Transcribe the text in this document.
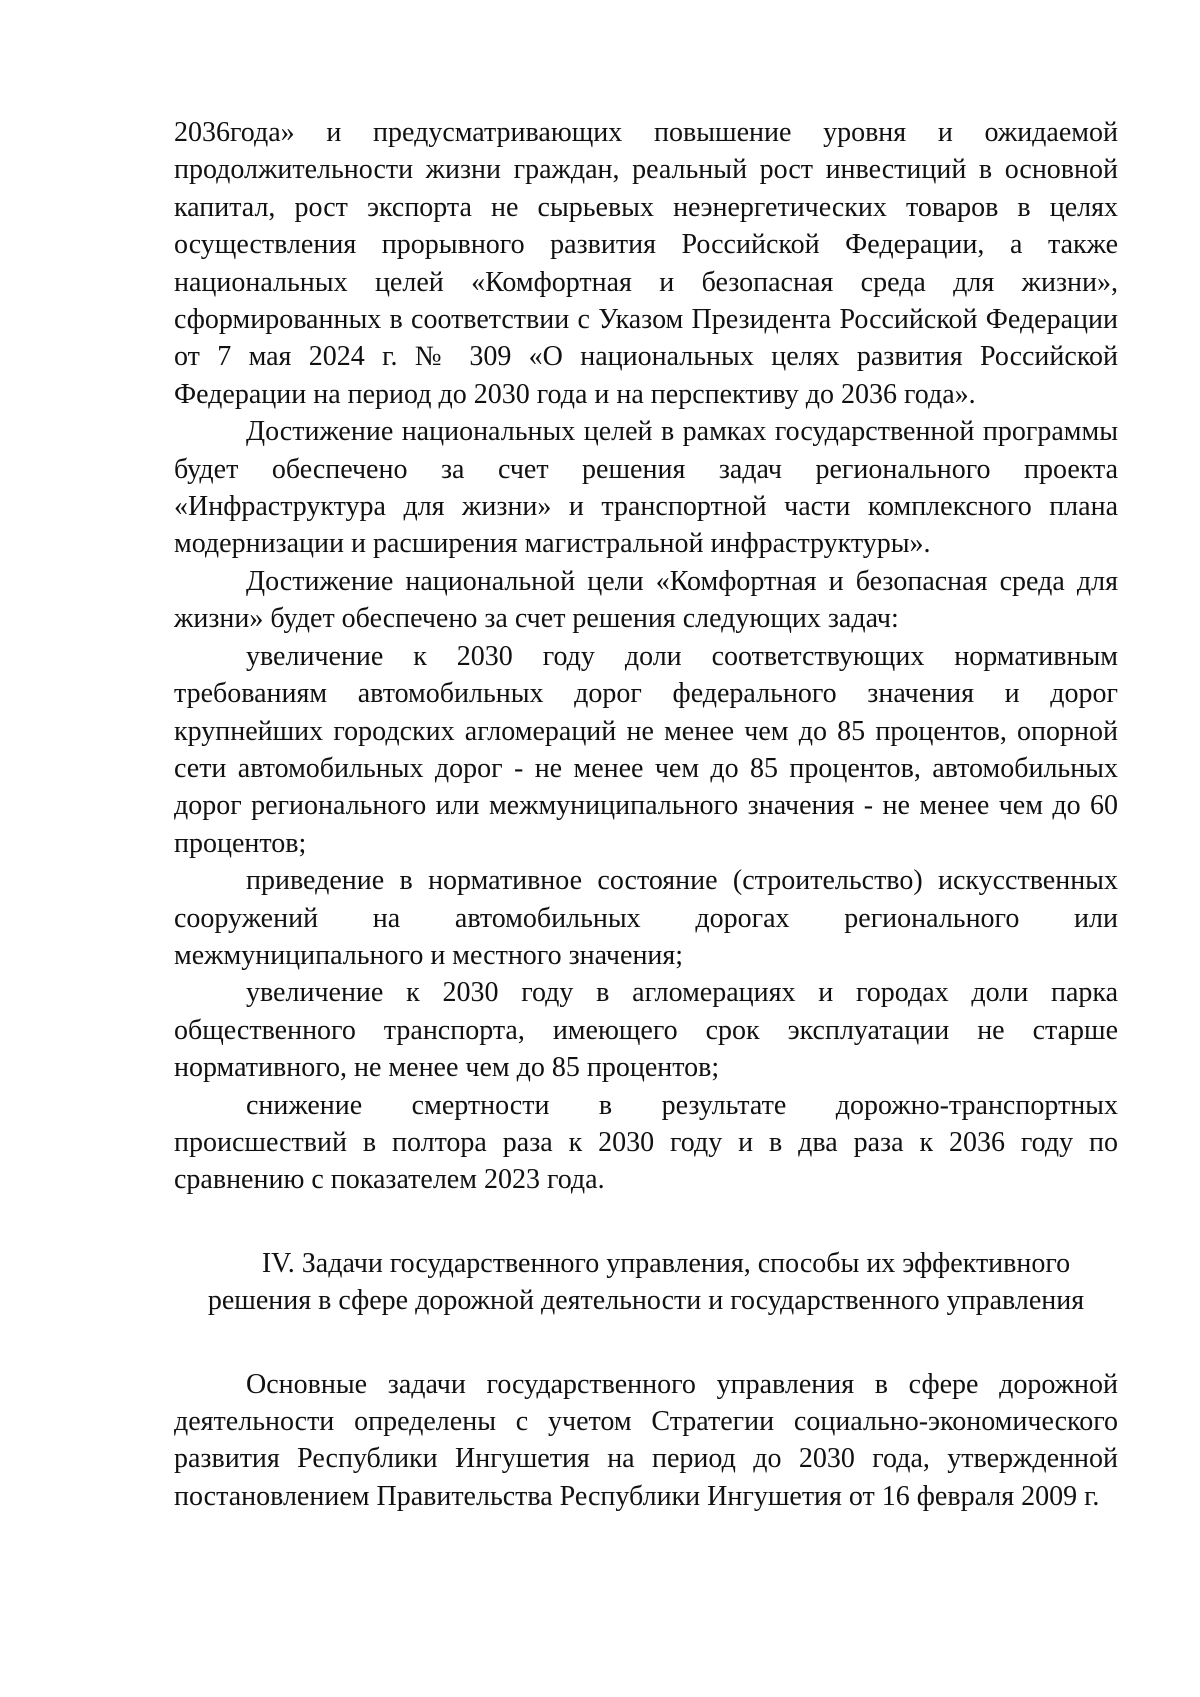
2036года» и предусматривающих повышение уровня и ожидаемой продолжительности жизни граждан, реальный рост инвестиций в основной капитал, рост экспорта не сырьевых неэнергетических товаров в целях осуществления прорывного развития Российской Федерации, а также национальных целей «Комфортная и безопасная среда для жизни», сформированных в соответствии с Указом Президента Российской Федерации от 7 мая 2024 г. № 309 «О национальных целях развития Российской Федерации на период до 2030 года и на перспективу до 2036 года».

Достижение национальных целей в рамках государственной программы будет обеспечено за счет решения задач регионального проекта «Инфраструктура для жизни» и транспортной части комплексного плана модернизации и расширения магистральной инфраструктуры».

Достижение национальной цели «Комфортная и безопасная среда для жизни» будет обеспечено за счет решения следующих задач:

увеличение к 2030 году доли соответствующих нормативным требованиям автомобильных дорог федерального значения и дорог крупнейших городских агломераций не менее чем до 85 процентов, опорной сети автомобильных дорог - не менее чем до 85 процентов, автомобильных дорог регионального или межмуниципального значения - не менее чем до 60 процентов;

приведение в нормативное состояние (строительство) искусственных сооружений на автомобильных дорогах регионального или межмуниципального и местного значения;

увеличение к 2030 году в агломерациях и городах доли парка общественного транспорта, имеющего срок эксплуатации не старше нормативного, не менее чем до 85 процентов;

снижение смертности в результате дорожно-транспортных происшествий в полтора раза к 2030 году и в два раза к 2036 году по сравнению с показателем 2023 года.

IV. Задачи государственного управления, способы их эффективного
решения в сфере дорожной деятельности и государственного управления

Основные задачи государственного управления в сфере дорожной деятельности определены с учетом Стратегии социально-экономического развития Республики Ингушетия на период до 2030 года, утвержденной постановлением Правительства Республики Ингушетия от 16 февраля 2009 г.
